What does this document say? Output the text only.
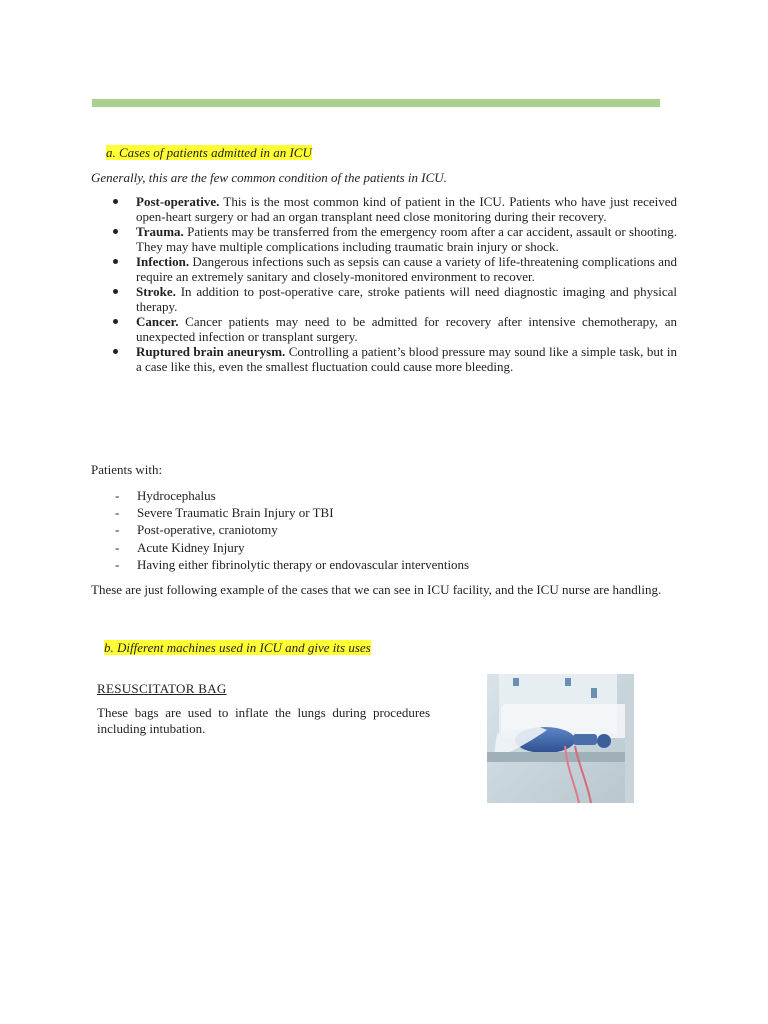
a. Cases of patients admitted in an ICU
Generally, this are the few common condition of the patients in ICU.
Post-operative. This is the most common kind of patient in the ICU. Patients who have just received open-heart surgery or had an organ transplant need close monitoring during their recovery.
Trauma. Patients may be transferred from the emergency room after a car accident, assault or shooting. They may have multiple complications including traumatic brain injury or shock.
Infection. Dangerous infections such as sepsis can cause a variety of life-threatening complications and require an extremely sanitary and closely-monitored environment to recover.
Stroke. In addition to post-operative care, stroke patients will need diagnostic imaging and physical therapy.
Cancer. Cancer patients may need to be admitted for recovery after intensive chemotherapy, an unexpected infection or transplant surgery.
Ruptured brain aneurysm. Controlling a patient’s blood pressure may sound like a simple task, but in a case like this, even the smallest fluctuation could cause more bleeding.
Patients with:
- Hydrocephalus
- Severe Traumatic Brain Injury or TBI
- Post-operative, craniotomy
- Acute Kidney Injury
- Having either fibrinolytic therapy or endovascular interventions
These are just following example of the cases that we can see in ICU facility, and the ICU nurse are handling.
b. Different machines used in ICU and give its uses
RESUSCITATOR BAG
These bags are used to inflate the lungs during procedures including intubation.
